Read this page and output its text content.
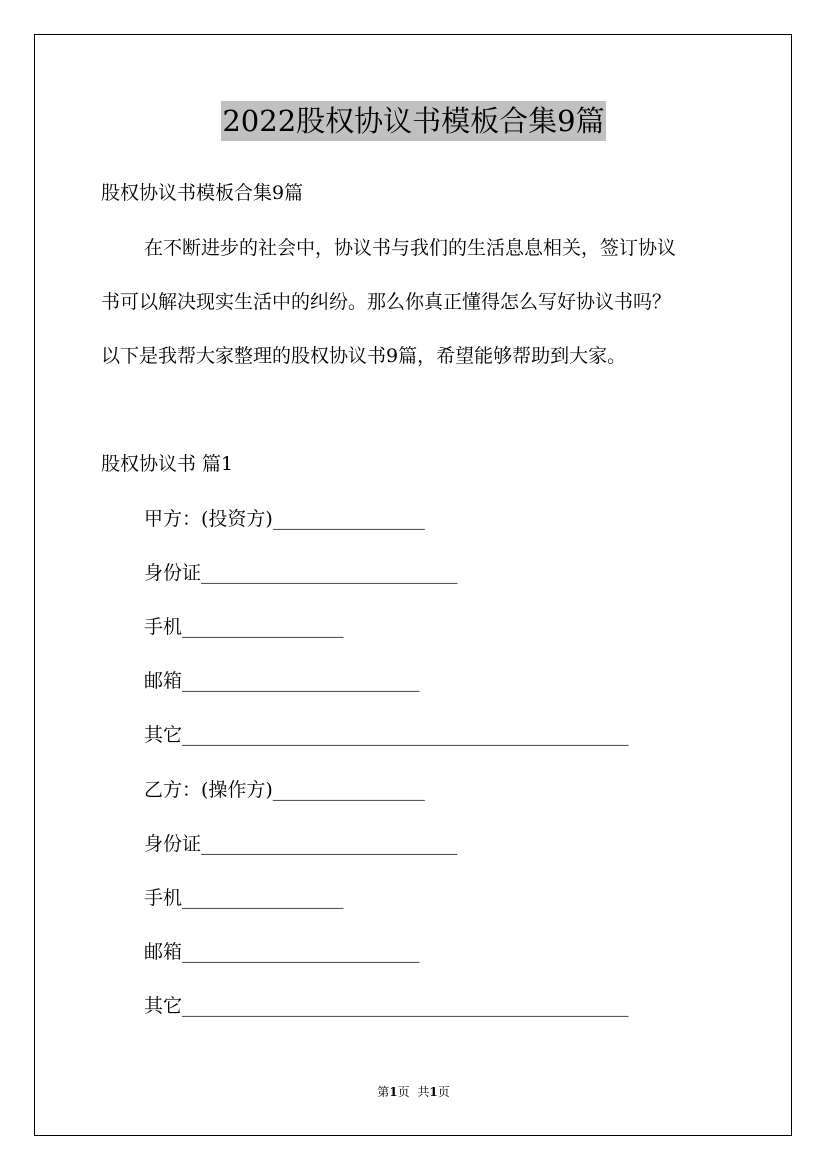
2022股权协议书模板合集9篇
股权协议书模板合集9篇
在不断进步的社会中，协议书与我们的生活息息相关，签订协议
书可以解决现实生活中的纠纷。那么你真正懂得怎么写好协议书吗？
以下是我帮大家整理的股权协议书9篇，希望能够帮助到大家。
股权协议书 篇1
甲方：(投资方)________________
身份证___________________________
手机_________________
邮箱_________________________
其它_______________________________________________
乙方：(操作方)________________
身份证___________________________
手机_________________
邮箱_________________________
其它_______________________________________________
第1页 共1页
